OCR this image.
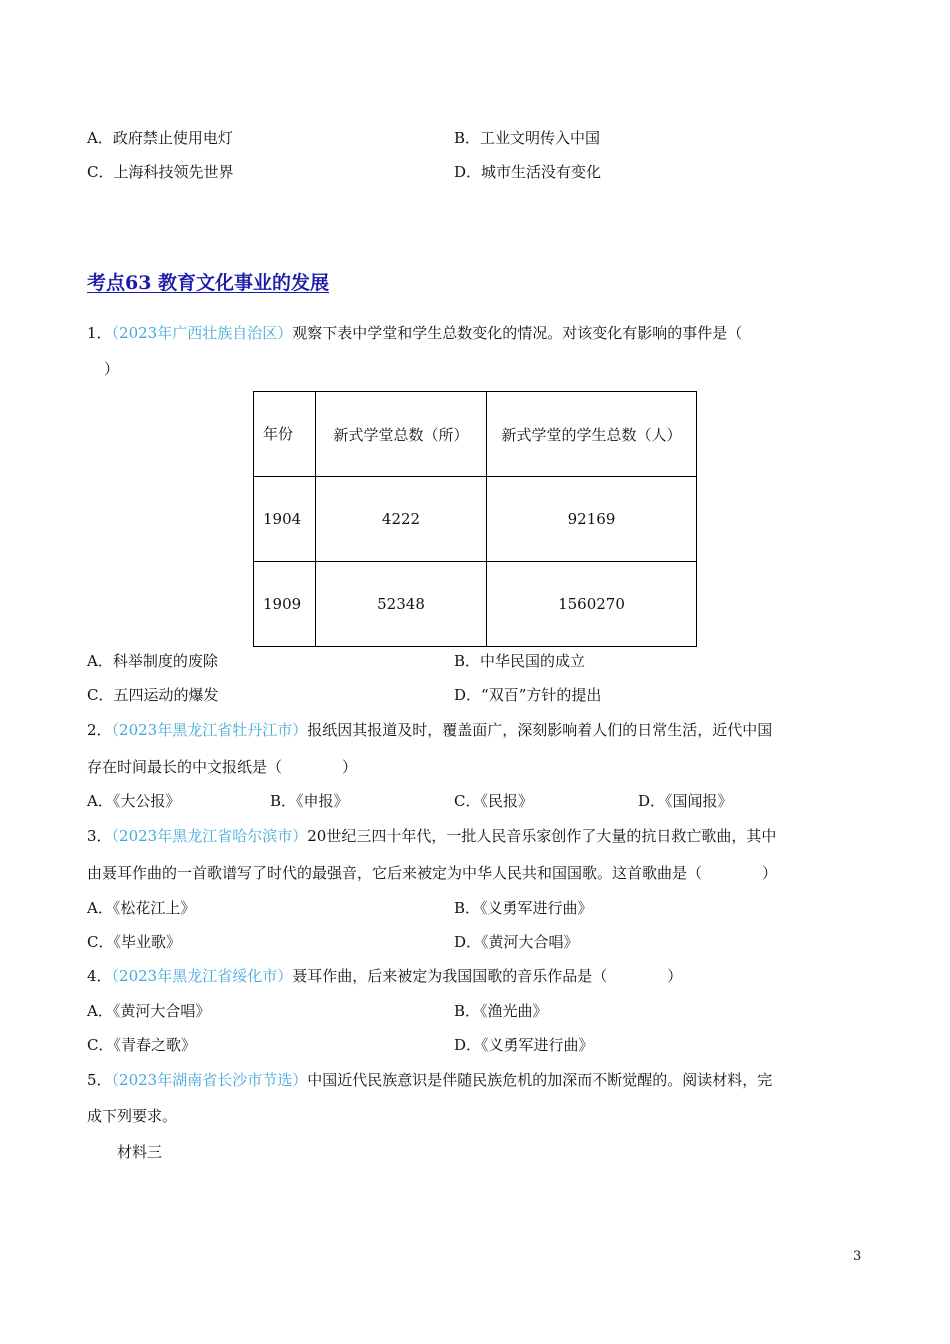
A．政府禁止使用电灯	B．工业文明传入中国
C．上海科技领先世界	D．城市生活没有变化
考点63 教育文化事业的发展
1．（2023年广西壮族自治区）观察下表中学堂和学生总数变化的情况。对该变化有影响的事件是（
）
年份	新式学堂总数（所）	新式学堂的学生总数（人）
1904	4222	92169
1909	52348	1560270
A．科举制度的废除	B．中华民国的成立
C．五四运动的爆发	D．“双百”方针的提出
2．（2023年黑龙江省牡丹江市）报纸因其报道及时，覆盖面广，深刻影响着人们的日常生活，近代中国
存在时间最长的中文报纸是（　　　　）
A．《大公报》	B．《申报》	C．《民报》	D．《国闻报》
3．（2023年黑龙江省哈尔滨市）20世纪三四十年代，一批人民音乐家创作了大量的抗日救亡歌曲，其中
由聂耳作曲的一首歌谱写了时代的最强音，它后来被定为中华人民共和国国歌。这首歌曲是（　　　　）
A．《松花江上》	B．《义勇军进行曲》
C．《毕业歌》	D．《黄河大合唱》
4．（2023年黑龙江省绥化市）聂耳作曲，后来被定为我国国歌的音乐作品是（　　　　）
A．《黄河大合唱》	B．《渔光曲》
C．《青春之歌》	D．《义勇军进行曲》
5．（2023年湖南省长沙市节选）中国近代民族意识是伴随民族危机的加深而不断觉醒的。阅读材料，完
成下列要求。
材料三
3
